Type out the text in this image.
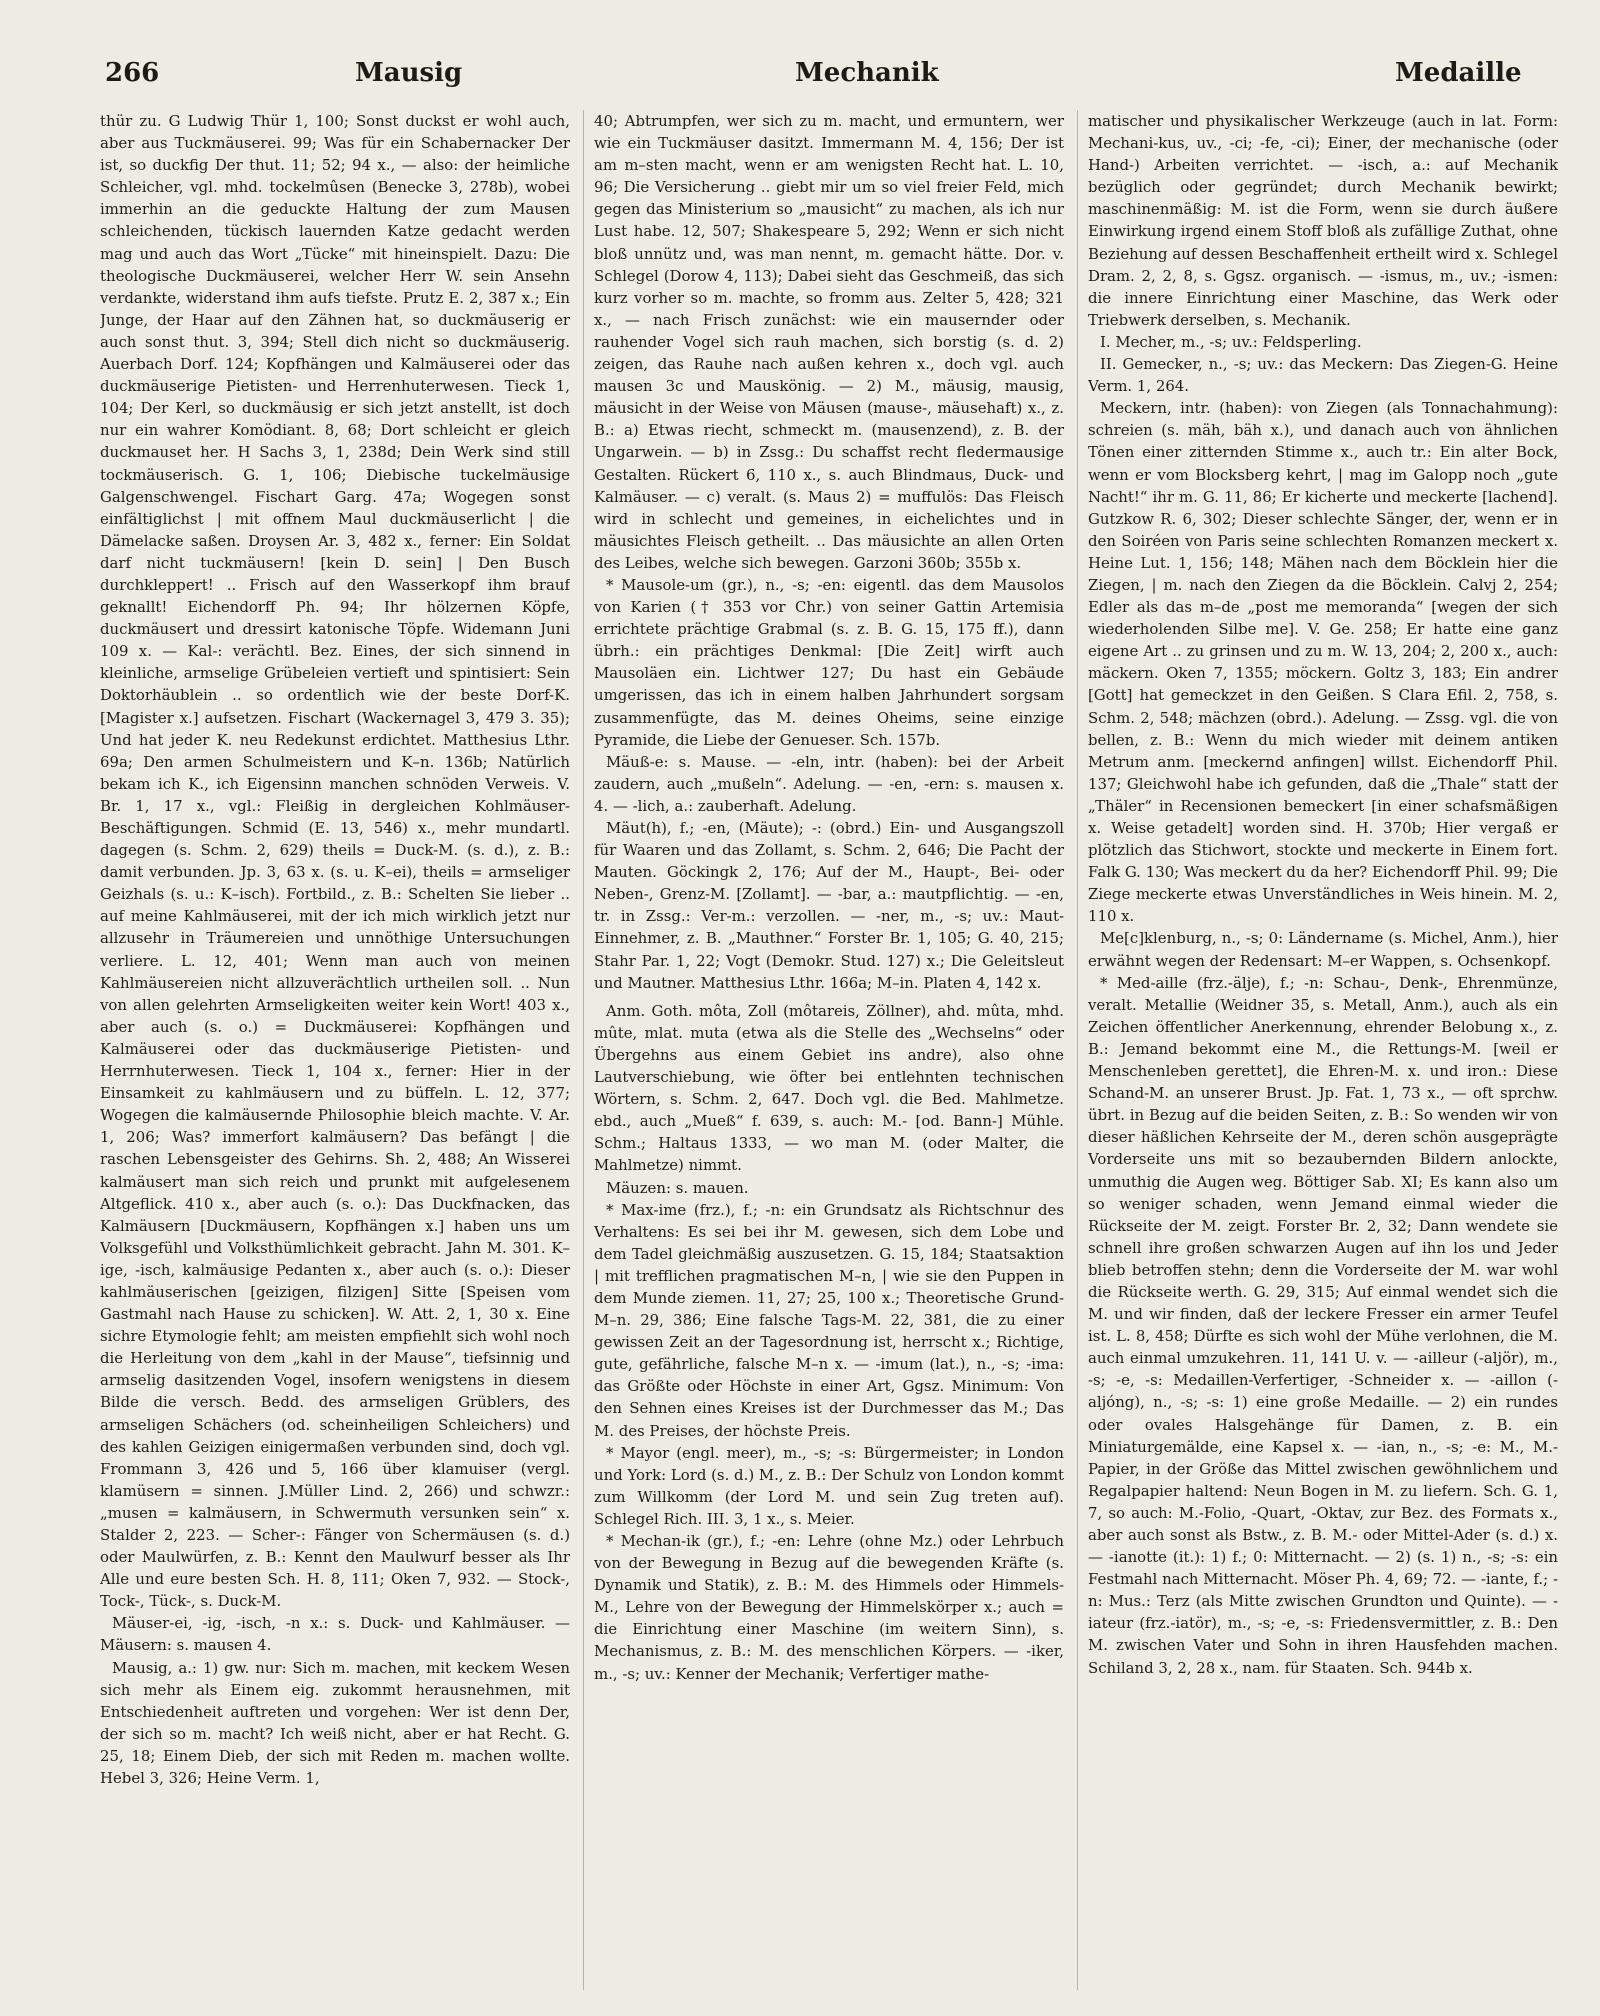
266	Mausig	Mechanik	Medaille

thür zu. G Ludwig Thür 1, 100; Sonst duckst er wohl auch, aber aus Tuckmäuserei. 99; Was für ein Schabernacker Der ist, so duckfig Der thut. 11; 52; 94 x., — also: der heimliche Schleicher, vgl. mhd. tockelmûsen (Benecke 3, 278b), wobei immerhin an die geduckte Haltung der zum Mausen schleichenden, tückisch lauernden Katze gedacht werden mag und auch das Wort „Tücke“ mit hineinspielt. Dazu: Die theologische Duckmäuserei, welcher Herr W. sein Ansehn verdankte, widerstand ihm aufs tiefste. Prutz E. 2, 387 x.; Ein Junge, der Haar auf den Zähnen hat, so duckmäuserig er auch sonst thut. 3, 394; Stell dich nicht so duckmäuserig. Auerbach Dorf. 124; Kopfhängen und Kalmäuserei oder das duckmäuserige Pietisten- und Herrenhuterwesen. Tieck 1, 104; Der Kerl, so duckmäusig er sich jetzt anstellt, ist doch nur ein wahrer Komödiant. 8, 68; Dort schleicht er gleich duckmauset her. H Sachs 3, 1, 238d; Dein Werk sind still tockmäuserisch. G. 1, 106; Diebische tuckelmäusige Galgenschwengel. Fischart Garg. 47a; Wogegen sonst einfältiglichst | mit offnem Maul duckmäuserlicht | die Dämelacke saßen. Droysen Ar. 3, 482 x., ferner: Ein Soldat darf nicht tuckmäusern! [kein D. sein] | Den Busch durchkleppert! .. Frisch auf den Wasserkopf ihm brauf geknallt! Eichendorff Ph. 94; Ihr hölzernen Köpfe, duckmäusert und dressirt katonische Töpfe. Widemann Juni 109 x. — Kal-: verächtl. Bez. Eines, der sich sinnend in kleinliche, armselige Grübeleien vertieft und spintisiert: Sein Doktorhäublein .. so ordentlich wie der beste Dorf-K. [Magister x.] aufsetzen. Fischart (Wackernagel 3, 479 3. 35); Und hat jeder K. neu Redekunst erdichtet. Matthesius Lthr. 69a; Den armen Schulmeistern und K–n. 136b; Natürlich bekam ich K., ich Eigensinn manchen schnöden Verweis. V. Br. 1, 17 x., vgl.: Fleißig in dergleichen Kohlmäuser-Beschäftigungen. Schmid (E. 13, 546) x., mehr mundartl. dagegen (s. Schm. 2, 629) theils = Duck-M. (s. d.), z. B.: damit verbunden. Jp. 3, 63 x. (s. u. K–ei), theils = armseliger Geizhals (s. u.: K–isch). Fortbild., z. B.: Schelten Sie lieber .. auf meine Kahlmäuserei, mit der ich mich wirklich jetzt nur allzusehr in Träumereien und unnöthige Untersuchungen verliere. L. 12, 401; Wenn man auch von meinen Kahlmäusereien nicht allzuverächtlich urtheilen soll. .. Nun von allen gelehrten Armseligkeiten weiter kein Wort! 403 x., aber auch (s. o.) = Duckmäuserei: Kopfhängen und Kalmäuserei oder das duckmäuserige Pietisten- und Herrnhuterwesen. Tieck 1, 104 x., ferner: Hier in der Einsamkeit zu kahlmäusern und zu büffeln. L. 12, 377; Wogegen die kalmäusernde Philosophie bleich machte. V. Ar. 1, 206; Was? immerfort kalmäusern? Das befängt | die raschen Lebensgeister des Gehirns. Sh. 2, 488; An Wisserei kalmäusert man sich reich und prunkt mit aufgelesenem Altgeflick. 410 x., aber auch (s. o.): Das Duckfnacken, das Kalmäusern [Duckmäusern, Kopfhängen x.] haben uns um Volksgefühl und Volksthümlichkeit gebracht. Jahn M. 301. K–ige, -isch, kalmäusige Pedanten x., aber auch (s. o.): Dieser kahlmäuserischen [geizigen, filzigen] Sitte [Speisen vom Gastmahl nach Hause zu schicken]. W. Att. 2, 1, 30 x. Eine sichre Etymologie fehlt; am meisten empfiehlt sich wohl noch die Herleitung von dem „kahl in der Mause“, tiefsinnig und armselig dasitzenden Vogel, insofern wenigstens in diesem Bilde die versch. Bedd. des armseligen Grüblers, des armseligen Schächers (od. scheinheiligen Schleichers) und des kahlen Geizigen einigermaßen verbunden sind, doch vgl. Frommann 3, 426 und 5, 166 über klamuiser (vergl. klamüsern = sinnen. J.Müller Lind. 2, 266) und schwzr.: „musen = kalmäusern, in Schwermuth versunken sein“ x. Stalder 2, 223. — Scher-: Fänger von Schermäusen (s. d.) oder Maulwürfen, z. B.: Kennt den Maulwurf besser als Ihr Alle und eure besten Sch. H. 8, 111; Oken 7, 932. — Stock-, Tock-, Tück-, s. Duck-M.

Mäuser-ei, -ig, -isch, -n x.: s. Duck- und Kahlmäuser. — Mäusern: s. mausen 4.

Mausig, a.: 1) gw. nur: Sich m. machen, mit keckem Wesen sich mehr als Einem eig. zukommt herausnehmen, mit Entschiedenheit auftreten und vorgehen: Wer ist denn Der, der sich so m. macht? Ich weiß nicht, aber er hat Recht. G. 25, 18; Einem Dieb, der sich mit Reden m. machen wollte. Hebel 3, 326; Heine Verm. 1,

40; Abtrumpfen, wer sich zu m. macht, und ermuntern, wer wie ein Tuckmäuser dasitzt. Immermann M. 4, 156; Der ist am m–sten macht, wenn er am wenigsten Recht hat. L. 10, 96; Die Versicherung .. giebt mir um so viel freier Feld, mich gegen das Ministerium so „mausicht“ zu machen, als ich nur Lust habe. 12, 507; Shakespeare 5, 292; Wenn er sich nicht bloß unnütz und, was man nennt, m. gemacht hätte. Dor. v. Schlegel (Dorow 4, 113); Dabei sieht das Geschmeiß, das sich kurz vorher so m. machte, so fromm aus. Zelter 5, 428; 321 x., — nach Frisch zunächst: wie ein mausernder oder rauhender Vogel sich rauh machen, sich borstig (s. d. 2) zeigen, das Rauhe nach außen kehren x., doch vgl. auch mausen 3c und Mauskönig. — 2) M., mäusig, mausig, mäusicht in der Weise von Mäusen (mause-, mäusehaft) x., z. B.: a) Etwas riecht, schmeckt m. (mausenzend), z. B. der Ungarwein. — b) in Zssg.: Du schaffst recht fledermausige Gestalten. Rückert 6, 110 x., s. auch Blindmaus, Duck- und Kalmäuser. — c) veralt. (s. Maus 2) = muffulös: Das Fleisch wird in schlecht und gemeines, in eichelichtes und in mäusichtes Fleisch getheilt. .. Das mäusichte an allen Orten des Leibes, welche sich bewegen. Garzoni 360b; 355b x.

* Mausole-um (gr.), n., -s; -en: eigentl. das dem Mausolos von Karien († 353 vor Chr.) von seiner Gattin Artemisia errichtete prächtige Grabmal (s. z. B. G. 15, 175 ff.), dann übrh.: ein prächtiges Denkmal: [Die Zeit] wirft auch Mausoläen ein. Lichtwer 127; Du hast ein Gebäude umgerissen, das ich in einem halben Jahrhundert sorgsam zusammenfügte, das M. deines Oheims, seine einzige Pyramide, die Liebe der Genueser. Sch. 157b.

Mäuß-e: s. Mause. — -eln, intr. (haben): bei der Arbeit zaudern, auch „mußeln“. Adelung. — -en, -ern: s. mausen x. 4. — -lich, a.: zauberhaft. Adelung.

Mäut(h), f.; -en, (Mäute); -: (obrd.) Ein- und Ausgangszoll für Waaren und das Zollamt, s. Schm. 2, 646; Die Pacht der Mauten. Göckingk 2, 176; Auf der M., Haupt-, Bei- oder Neben-, Grenz-M. [Zollamt]. — -bar, a.: mautpflichtig. — -en, tr. in Zssg.: Ver-m.: verzollen. — -ner, m., -s; uv.: Maut-Einnehmer, z. B. „Mauthner.“ Forster Br. 1, 105; G. 40, 215; Stahr Par. 1, 22; Vogt (Demokr. Stud. 127) x.; Die Geleitsleut und Mautner. Matthesius Lthr. 166a; M–in. Platen 4, 142 x.

Anm. Goth. môta, Zoll (môtareis, Zöllner), ahd. mûta, mhd. mûte, mlat. muta (etwa als die Stelle des „Wechselns“ oder Übergehns aus einem Gebiet ins andre), also ohne Lautverschiebung, wie öfter bei entlehnten technischen Wörtern, s. Schm. 2, 647. Doch vgl. die Bed. Mahlmetze. ebd., auch „Mueß“ f. 639, s. auch: M.- [od. Bann-] Mühle. Schm.; Haltaus 1333, — wo man M. (oder Malter, die Mahlmetze) nimmt.

Mäuzen: s. mauen.

* Max-ime (frz.), f.; -n: ein Grundsatz als Richtschnur des Verhaltens: Es sei bei ihr M. gewesen, sich dem Lobe und dem Tadel gleichmäßig auszusetzen. G. 15, 184; Staatsaktion | mit trefflichen pragmatischen M–n, | wie sie den Puppen in dem Munde ziemen. 11, 27; 25, 100 x.; Theoretische Grund-M–n. 29, 386; Eine falsche Tags-M. 22, 381, die zu einer gewissen Zeit an der Tagesordnung ist, herrscht x.; Richtige, gute, gefährliche, falsche M–n x. — -imum (lat.), n., -s; -ima: das Größte oder Höchste in einer Art, Ggsz. Minimum: Von den Sehnen eines Kreises ist der Durchmesser das M.; Das M. des Preises, der höchste Preis.

* Mayor (engl. meer), m., -s; -s: Bürgermeister; in London und York: Lord (s. d.) M., z. B.: Der Schulz von London kommt zum Willkomm (der Lord M. und sein Zug treten auf). Schlegel Rich. III. 3, 1 x., s. Meier.

* Mechan-ik (gr.), f.; -en: Lehre (ohne Mz.) oder Lehrbuch von der Bewegung in Bezug auf die bewegenden Kräfte (s. Dynamik und Statik), z. B.: M. des Himmels oder Himmels-M., Lehre von der Bewegung der Himmelskörper x.; auch = die Einrichtung einer Maschine (im weitern Sinn), s. Mechanismus, z. B.: M. des menschlichen Körpers. — -iker, m., -s; uv.: Kenner der Mechanik; Verfertiger mathe-

matischer und physikalischer Werkzeuge (auch in lat. Form: Mechani-kus, uv., -ci; -fe, -ci); Einer, der mechanische (oder Hand-) Arbeiten verrichtet. — -isch, a.: auf Mechanik bezüglich oder gegründet; durch Mechanik bewirkt; maschinenmäßig: M. ist die Form, wenn sie durch äußere Einwirkung irgend einem Stoff bloß als zufällige Zuthat, ohne Beziehung auf dessen Beschaffenheit ertheilt wird x. Schlegel Dram. 2, 2, 8, s. Ggsz. organisch. — -ismus, m., uv.; -ismen: die innere Einrichtung einer Maschine, das Werk oder Triebwerk derselben, s. Mechanik.

I. Mecher, m., -s; uv.: Feldsperling.

II. Gemecker, n., -s; uv.: das Meckern: Das Ziegen-G. Heine Verm. 1, 264.

Meckern, intr. (haben): von Ziegen (als Tonnachahmung): schreien (s. mäh, bäh x.), und danach auch von ähnlichen Tönen einer zitternden Stimme x., auch tr.: Ein alter Bock, wenn er vom Blocksberg kehrt, | mag im Galopp noch „gute Nacht!“ ihr m. G. 11, 86; Er kicherte und meckerte [lachend]. Gutzkow R. 6, 302; Dieser schlechte Sänger, der, wenn er in den Soiréen von Paris seine schlechten Romanzen meckert x. Heine Lut. 1, 156; 148; Mähen nach dem Böcklein hier die Ziegen, | m. nach den Ziegen da die Böcklein. Calvj 2, 254; Edler als das m–de „post me memoranda“ [wegen der sich wiederholenden Silbe me]. V. Ge. 258; Er hatte eine ganz eigene Art .. zu grinsen und zu m. W. 13, 204; 2, 200 x., auch: mäckern. Oken 7, 1355; möckern. Goltz 3, 183; Ein andrer [Gott] hat gemeckzet in den Geißen. S Clara Efil. 2, 758, s. Schm. 2, 548; mächzen (obrd.). Adelung. — Zssg. vgl. die von bellen, z. B.: Wenn du mich wieder mit deinem antiken Metrum anm. [meckernd anfingen] willst. Eichendorff Phil. 137; Gleichwohl habe ich gefunden, daß die „Thale“ statt der „Thäler“ in Recensionen bemeckert [in einer schafsmäßigen x. Weise getadelt] worden sind. H. 370b; Hier vergaß er plötzlich das Stichwort, stockte und meckerte in Einem fort. Falk G. 130; Was meckert du da her? Eichendorff Phil. 99; Die Ziege meckerte etwas Unverständliches in Weis hinein. M. 2, 110 x.

Me[c]klenburg, n., -s; 0: Ländername (s. Michel, Anm.), hier erwähnt wegen der Redensart: M–er Wappen, s. Ochsenkopf.

* Med-aille (frz.-älje), f.; -n: Schau-, Denk-, Ehrenmünze, veralt. Metallie (Weidner 35, s. Metall, Anm.), auch als ein Zeichen öffentlicher Anerkennung, ehrender Belobung x., z. B.: Jemand bekommt eine M., die Rettungs-M. [weil er Menschenleben gerettet], die Ehren-M. x. und iron.: Diese Schand-M. an unserer Brust. Jp. Fat. 1, 73 x., — oft sprchw. übrt. in Bezug auf die beiden Seiten, z. B.: So wenden wir von dieser häßlichen Kehrseite der M., deren schön ausgeprägte Vorderseite uns mit so bezaubernden Bildern anlockte, unmuthig die Augen weg. Böttiger Sab. XI; Es kann also um so weniger schaden, wenn Jemand einmal wieder die Rückseite der M. zeigt. Forster Br. 2, 32; Dann wendete sie schnell ihre großen schwarzen Augen auf ihn los und Jeder blieb betroffen stehn; denn die Vorderseite der M. war wohl die Rückseite werth. G. 29, 315; Auf einmal wendet sich die M. und wir finden, daß der leckere Fresser ein armer Teufel ist. L. 8, 458; Dürfte es sich wohl der Mühe verlohnen, die M. auch einmal umzukehren. 11, 141 U. v. — -ailleur (-aljör), m., -s; -e, -s: Medaillen-Verfertiger, -Schneider x. — -aillon (-aljóng), n., -s; -s: 1) eine große Medaille. — 2) ein rundes oder ovales Halsgehänge für Damen, z. B. ein Miniaturgemälde, eine Kapsel x. — -ian, n., -s; -e: M., M.-Papier, in der Größe das Mittel zwischen gewöhnlichem und Regalpapier haltend: Neun Bogen in M. zu liefern. Sch. G. 1, 7, so auch: M.-Folio, -Quart, -Oktav, zur Bez. des Formats x., aber auch sonst als Bstw., z. B. M.- oder Mittel-Ader (s. d.) x. — -ianotte (it.): 1) f.; 0: Mitternacht. — 2) (s. 1) n., -s; -s: ein Festmahl nach Mitternacht. Möser Ph. 4, 69; 72. — -iante, f.; -n: Mus.: Terz (als Mitte zwischen Grundton und Quinte). — -iateur (frz.-iatör), m., -s; -e, -s: Friedensvermittler, z. B.: Den M. zwischen Vater und Sohn in ihren Hausfehden machen. Schiland 3, 2, 28 x., nam. für Staaten. Sch. 944b x.
